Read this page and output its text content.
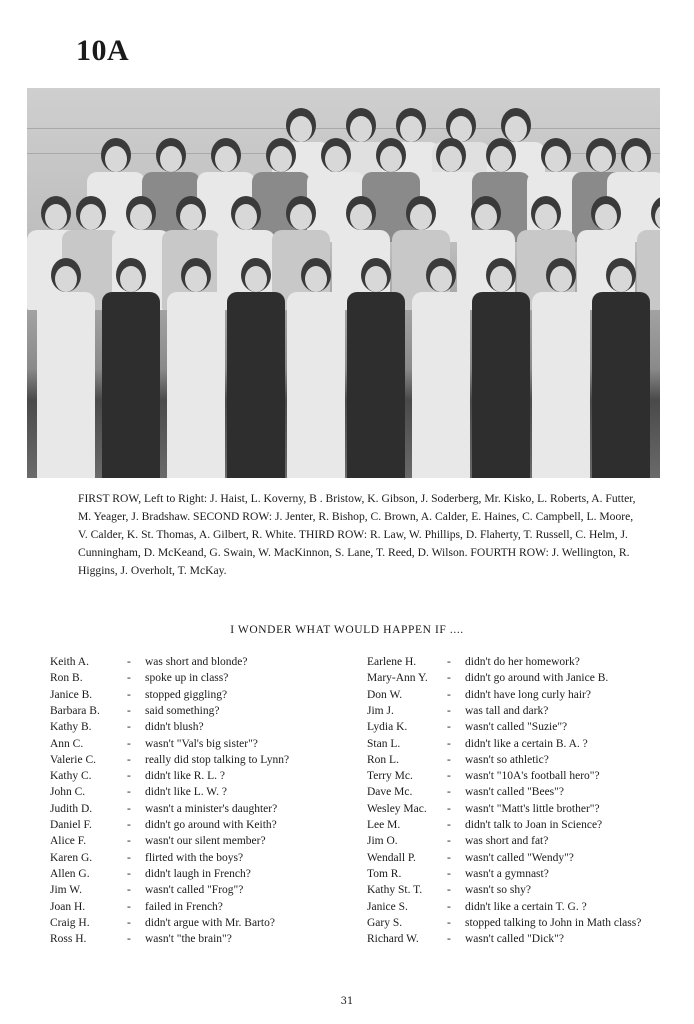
10A
FIRST ROW, Left to Right: J. Haist, L. Koverny, B . Bristow, K. Gibson, J. Soderberg, Mr. Kisko, L. Roberts, A. Futter, M. Yeager, J. Bradshaw. SECOND ROW: J. Jenter, R. Bishop, C. Brown, A. Calder, E. Haines, C. Campbell, L. Moore, V. Calder, K. St. Thomas, A. Gilbert, R. White. THIRD ROW: R. Law, W. Phillips, D. Flaherty, T. Russell, C. Helm, J. Cunningham, D. McKeand, G. Swain, W. MacKinnon, S. Lane, T. Reed, D. Wilson. FOURTH ROW: J. Wellington, R. Higgins, J. Overholt, T. McKay.
I WONDER WHAT WOULD HAPPEN IF ....
Keith A.	- was short and blonde?
Ron B.	- spoke up in class?
Janice B.	- stopped giggling?
Barbara B. - said something?
Kathy B.	- didn't blush?
Ann C.	- wasn't "Val's big sister"?
Valerie C.	- really did stop talking to Lynn?
Kathy C.	- didn't like R. L. ?
John C.	- didn't like L. W. ?
Judith D.	- wasn't a minister's daughter?
Daniel F.	- didn't go around with Keith?
Alice F.	- wasn't our silent member?
Karen G.	- flirted with the boys?
Allen G.	- didn't laugh in French?
Jim W.	- wasn't called "Frog"?
Joan H.	- failed in French?
Craig H.	- didn't argue with Mr. Barto?
Ross H.	- wasn't "the brain"?
Earlene H.	- didn't do her homework?
Mary-Ann Y. - didn't go around with Janice B.
Don W.	- didn't have long curly hair?
Jim J.	- was tall and dark?
Lydia K.	- wasn't called "Suzie"?
Stan L.	- didn't like a certain B. A. ?
Ron L.	- wasn't so athletic?
Terry Mc.	- wasn't "10A's football hero"?
Dave Mc.	- wasn't called "Bees"?
Wesley Mac. - wasn't "Matt's little brother"?
Lee M.	- didn't talk to Joan in Science?
Jim O.	- was short and fat?
Wendall P.	- wasn't called "Wendy"?
Tom R.	- wasn't a gymnast?
Kathy St. T. - wasn't so shy?
Janice S.	- didn't like a certain T. G. ?
Gary S.	- stopped talking to John in Math class?
Richard W. - wasn't called "Dick"?
31
